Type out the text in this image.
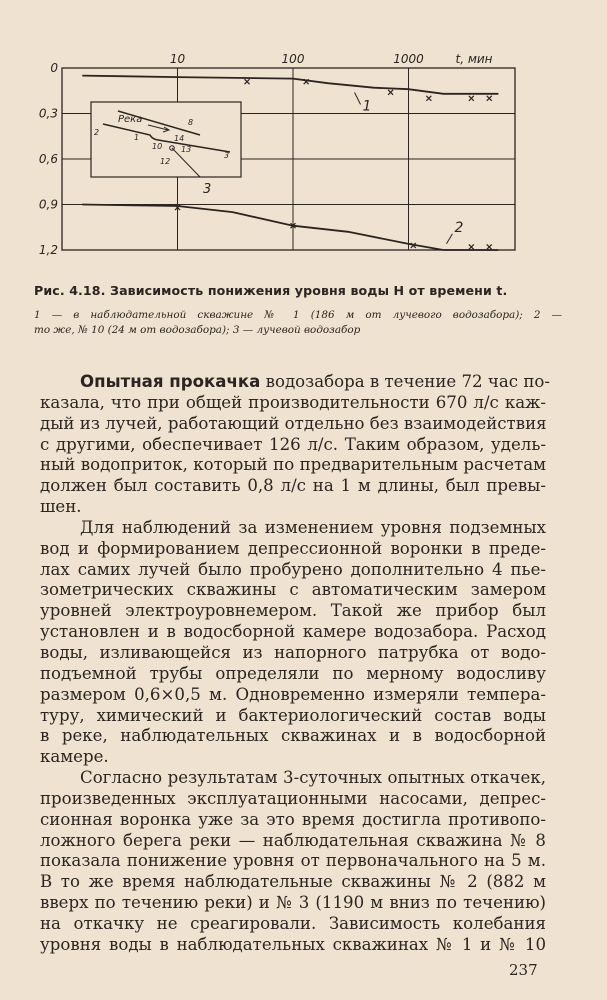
10	100	1000	t, мин
0
0,3
0,6
0,9
1,2
Река	8
14
2
1
10
12
13
3
3
1
2
Рис. 4.18. Зависимость понижения уровня воды H от времени t.
1 — в наблюдательной скважине № 1 (186 м от лучевого водозабора); 2 —
то же, № 10 (24 м от водозабора); 3 — лучевой водозабор
Опытная прокачка водозабора в течение 72 час по-
казала, что при общей производительности 670 л/с каж-
дый из лучей, работающий отдельно без взаимодействия
с другими, обеспечивает 126 л/с. Таким образом, удель-
ный водоприток, который по предварительным расчетам
должен был составить 0,8 л/с на 1 м длины, был превы-
шен.
Для наблюдений за изменением уровня подземных
вод и формированием депрессионной воронки в преде-
лах самих лучей было пробурено дополнительно 4 пье-
зометрических скважины с автоматическим замером
уровней электроуровнемером. Такой же прибор был
установлен и в водосборной камере водозабора. Расход
воды, изливающейся из напорного патрубка от водо-
подъемной трубы определяли по мерному водосливу
размером 0,6×0,5 м. Одновременно измеряли темпера-
туру, химический и бактериологический состав воды
в реке, наблюдательных скважинах и в водосборной
камере.
Согласно результатам 3-суточных опытных откачек,
произведенных эксплуатационными насосами, депрес-
сионная воронка уже за это время достигла противопо-
ложного берега реки — наблюдательная скважина № 8
показала понижение уровня от первоначального на 5 м.
В то же время наблюдательные скважины № 2 (882 м
вверх по течению реки) и № 3 (1190 м вниз по течению)
на откачку не среагировали. Зависимость колебания
уровня воды в наблюдательных скважинах № 1 и № 10
237
